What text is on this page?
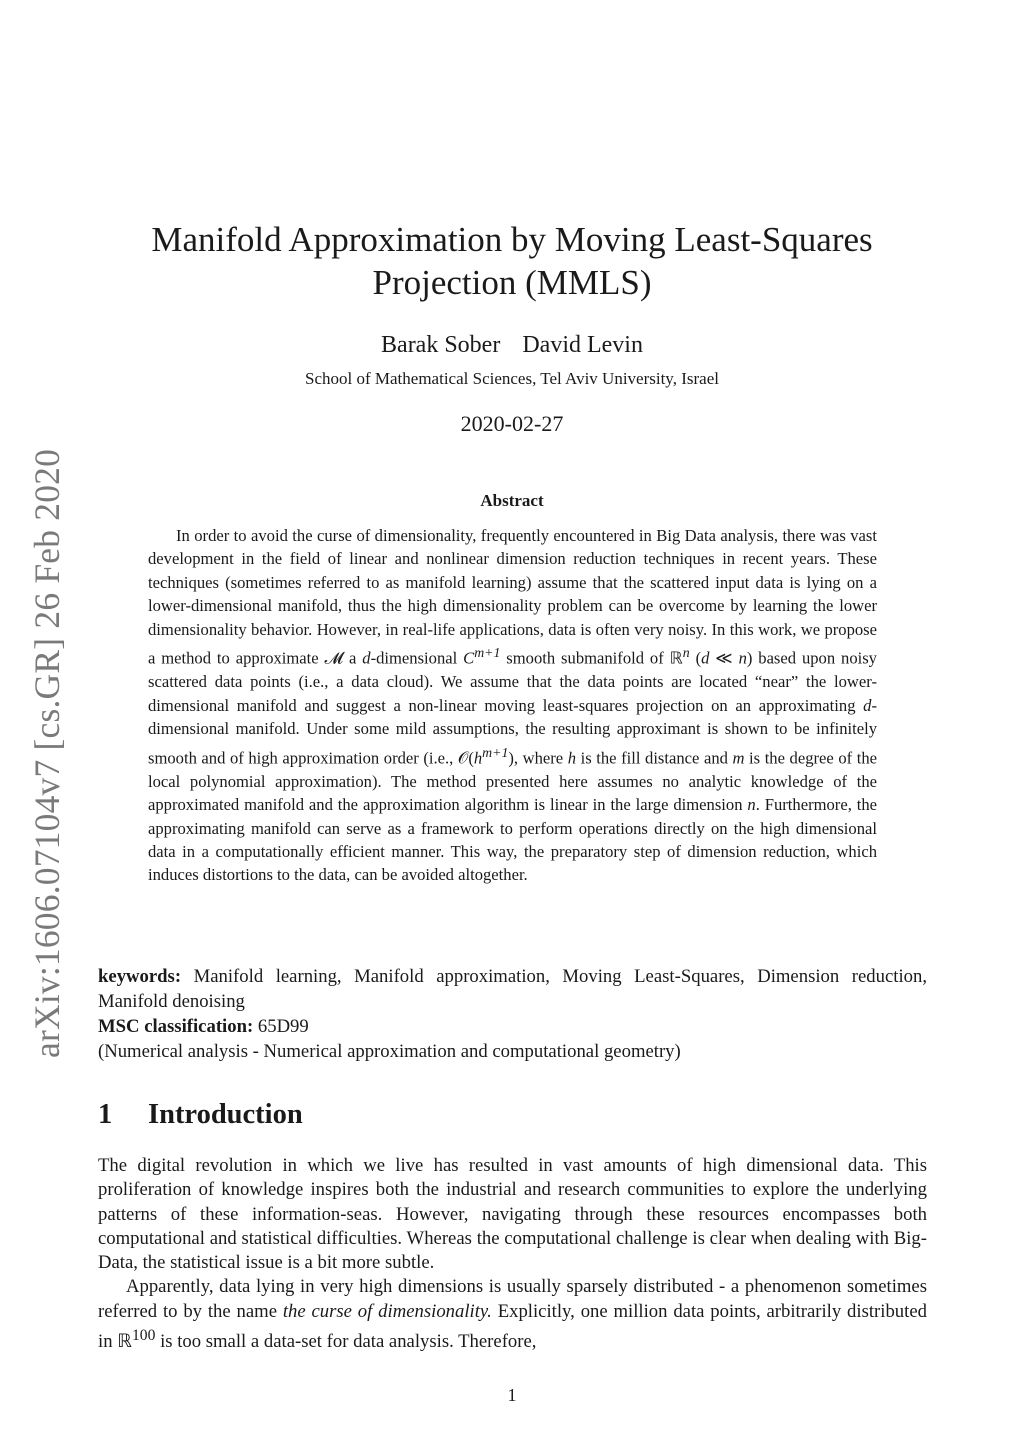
arXiv:1606.07104v7 [cs.GR] 26 Feb 2020
Manifold Approximation by Moving Least-Squares
Projection (MMLS)
Barak Sober David Levin
School of Mathematical Sciences, Tel Aviv University, Israel
2020-02-27
Abstract

In order to avoid the curse of dimensionality, frequently encountered in Big Data analysis, there was vast development in the field of linear and nonlinear dimension reduction techniques in recent years. These techniques (sometimes referred to as manifold learning) assume that the scattered input data is lying on a lower-dimensional manifold, thus the high dimensionality problem can be overcome by learning the lower dimensionality behavior. However, in real-life applications, data is often very noisy. In this work, we propose a method to approximate 𝓜 a d-dimensional $C^{m+1}$ smooth submanifold of ℝ$^n$ (d ≪ n) based upon noisy scattered data points (i.e., a data cloud). We assume that the data points are located “near” the lower-dimensional manifold and suggest a non-linear moving least-squares projection on an approximating d-dimensional manifold. Under some mild assumptions, the resulting approximant is shown to be infinitely smooth and of high approximation order (i.e., $𝒪(h^{m+1})$, where h is the fill distance and m is the degree of the local polynomial approximation). The method presented here assumes no analytic knowledge of the approximated manifold and the approximation algorithm is linear in the large dimension n. Furthermore, the approximating manifold can serve as a framework to perform operations directly on the high dimensional data in a computationally efficient manner. This way, the preparatory step of dimension reduction, which induces distortions to the data, can be avoided altogether.

keywords: Manifold learning, Manifold approximation, Moving Least-Squares, Dimension reduction, Manifold denoising

MSC classification: 65D99

(Numerical analysis - Numerical approximation and computational geometry)

1 Introduction

The digital revolution in which we live has resulted in vast amounts of high dimensional data. This proliferation of knowledge inspires both the industrial and research communities to explore the underlying patterns of these information-seas. However, navigating through these resources encompasses both computational and statistical difficulties. Whereas the computational challenge is clear when dealing with Big-Data, the statistical issue is a bit more subtle.

Apparently, data lying in very high dimensions is usually sparsely distributed - a phenomenon sometimes referred to by the name the curse of dimensionality. Explicitly, one million data points, arbitrarily distributed in ℝ$^{100}$ is too small a data-set for data analysis. Therefore,

1
